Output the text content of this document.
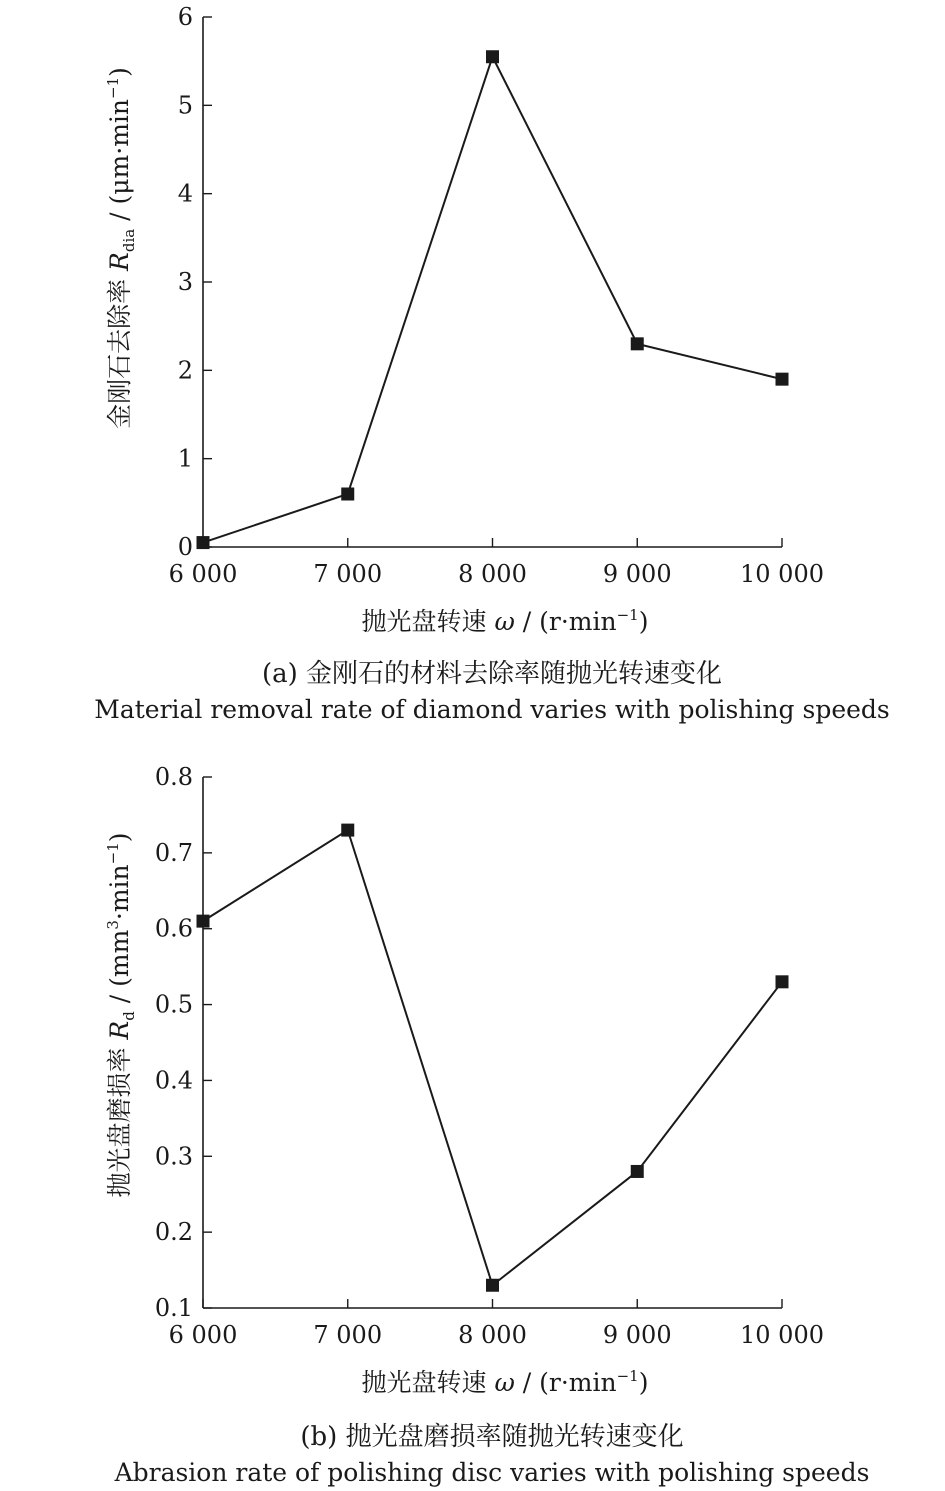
6 000	7 000	8 000	9 000	10 000
0
1
2
3
4
5
6
抛光盘转速 $\omega / (r\cdot\min^{-1})$
金刚石去除率 $R_{dia} / (\mu m\cdot\min^{-1})$
(a) 金刚石的材料去除率随抛光转速变化
Material removal rate of diamond varies with polishing speeds
6 000	7 000	8 000	9 000	10 000
0.1
0.2
0.3
0.4
0.5
0.6
0.7
0.8
抛光盘转速 $\omega / (r\cdot\min^{-1})$
抛光盘磨损率 $R_d / (mm^3\cdot\min^{-1})$
(b) 抛光盘磨损率随抛光转速变化
Abrasion rate of polishing disc varies with polishing speeds
